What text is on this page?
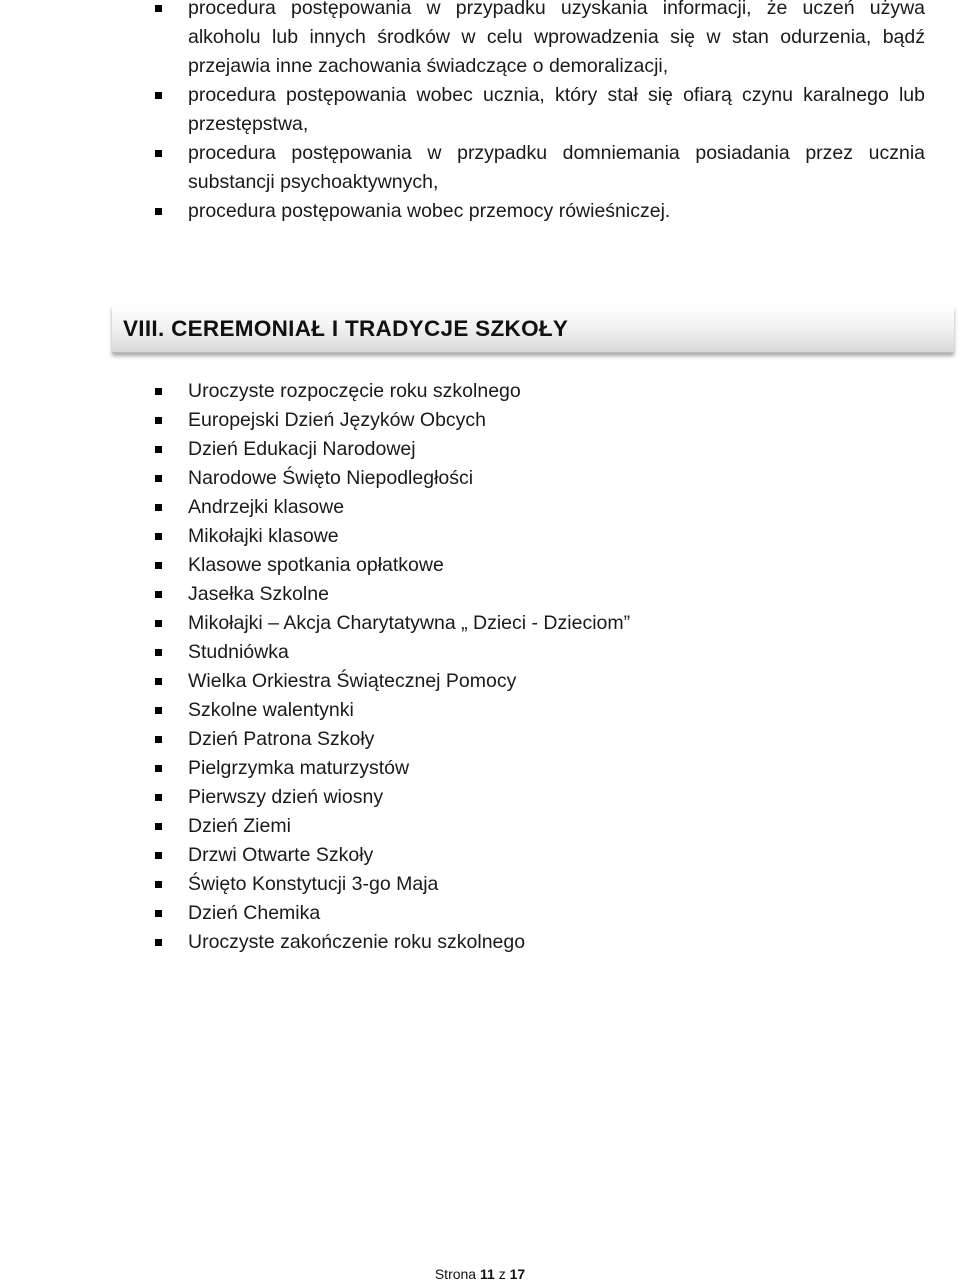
procedura postępowania w przypadku uzyskania informacji, że uczeń używa alkoholu lub innych środków w celu wprowadzenia się w stan odurzenia, bądź przejawia inne zachowania świadczące o demoralizacji,
procedura postępowania wobec ucznia, który stał się ofiarą czynu karalnego lub przestępstwa,
procedura postępowania w przypadku domniemania posiadania przez ucznia substancji psychoaktywnych,
procedura postępowania wobec przemocy rówieśniczej.
VIII. CEREMONIAŁ I TRADYCJE SZKOŁY
Uroczyste rozpoczęcie roku szkolnego
Europejski Dzień Języków Obcych
Dzień Edukacji Narodowej
Narodowe Święto Niepodległości
Andrzejki klasowe
Mikołajki klasowe
Klasowe spotkania opłatkowe
Jasełka Szkolne
Mikołajki – Akcja Charytatywna „ Dzieci - Dzieciom”
Studniówka
Wielka Orkiestra Świątecznej Pomocy
Szkolne walentynki
Dzień Patrona Szkoły
Pielgrzymka maturzystów
Pierwszy dzień wiosny
Dzień Ziemi
Drzwi Otwarte Szkoły
Święto Konstytucji 3-go Maja
Dzień Chemika
Uroczyste zakończenie roku szkolnego
Strona 11 z 17
